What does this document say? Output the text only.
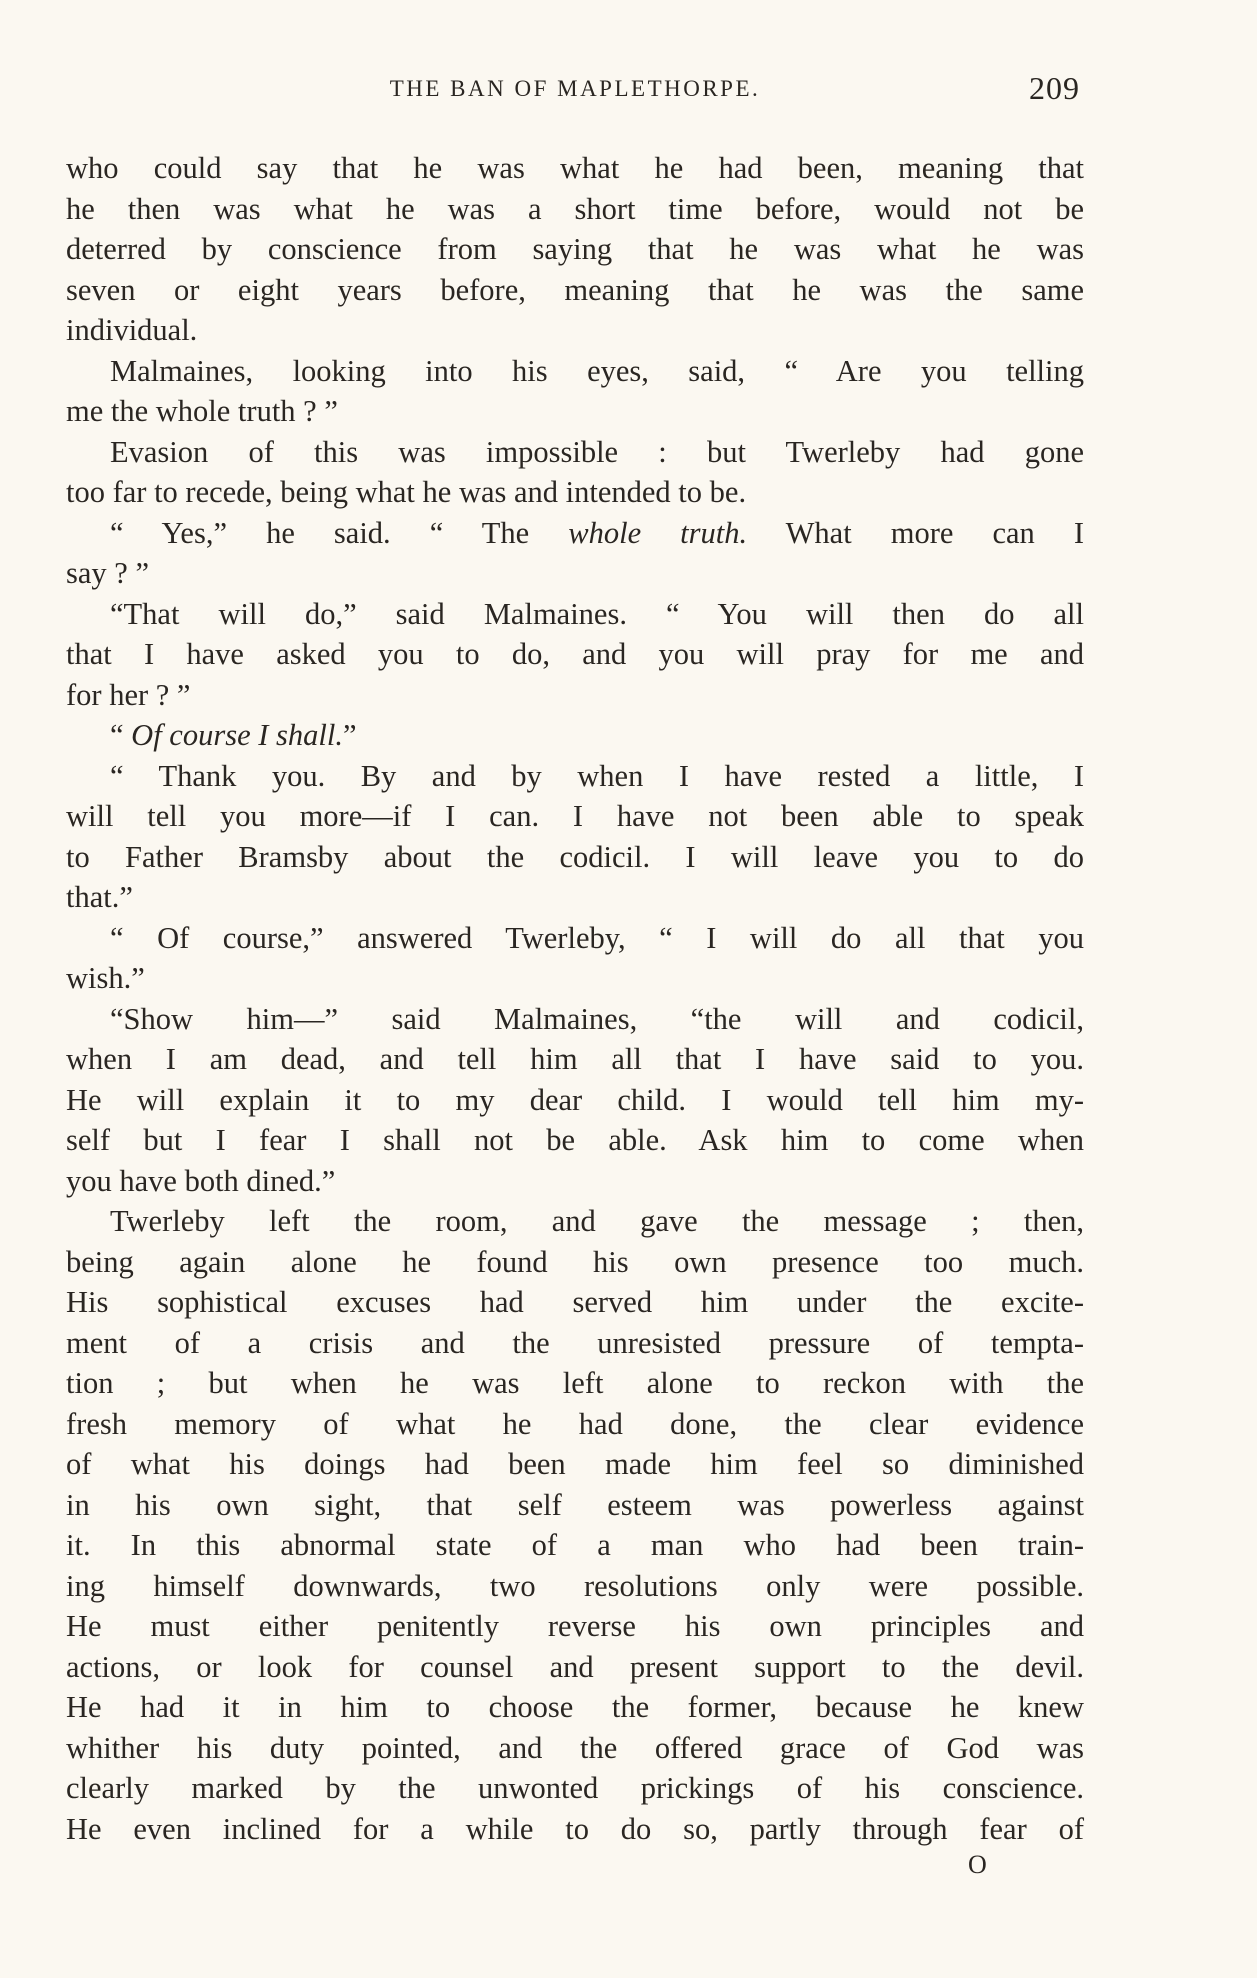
THE BAN OF MAPLETHORPE.	209
who could say that he was what he had been, meaning that
he then was what he was a short time before, would not be
deterred by conscience from saying that he was what he was
seven or eight years before, meaning that he was the same
individual.
Malmaines, looking into his eyes, said, “ Are you telling
me the whole truth ? ”
Evasion of this was impossible : but Twerleby had gone
too far to recede, being what he was and intended to be.
“ Yes,” he said. “ The whole truth. What more can I
say ? ”
“That will do,” said Malmaines. “ You will then do all
that I have asked you to do, and you will pray for me and
for her ? ”
“ Of course I shall.”
“ Thank you. By and by when I have rested a little, I
will tell you more—if I can. I have not been able to speak
to Father Bramsby about the codicil. I will leave you to do
that.”
“ Of course,” answered Twerleby, “ I will do all that you
wish.”
“Show him—” said Malmaines, “the will and codicil,
when I am dead, and tell him all that I have said to you.
He will explain it to my dear child. I would tell him my-
self but I fear I shall not be able. Ask him to come when
you have both dined.”
Twerleby left the room, and gave the message ; then,
being again alone he found his own presence too much.
His sophistical excuses had served him under the excite-
ment of a crisis and the unresisted pressure of tempta-
tion ; but when he was left alone to reckon with the
fresh memory of what he had done, the clear evidence
of what his doings had been made him feel so diminished
in his own sight, that self esteem was powerless against
it. In this abnormal state of a man who had been train-
ing himself downwards, two resolutions only were possible.
He must either penitently reverse his own principles and
actions, or look for counsel and present support to the devil.
He had it in him to choose the former, because he knew
whither his duty pointed, and the offered grace of God was
clearly marked by the unwonted prickings of his conscience.
He even inclined for a while to do so, partly through fear of
O
